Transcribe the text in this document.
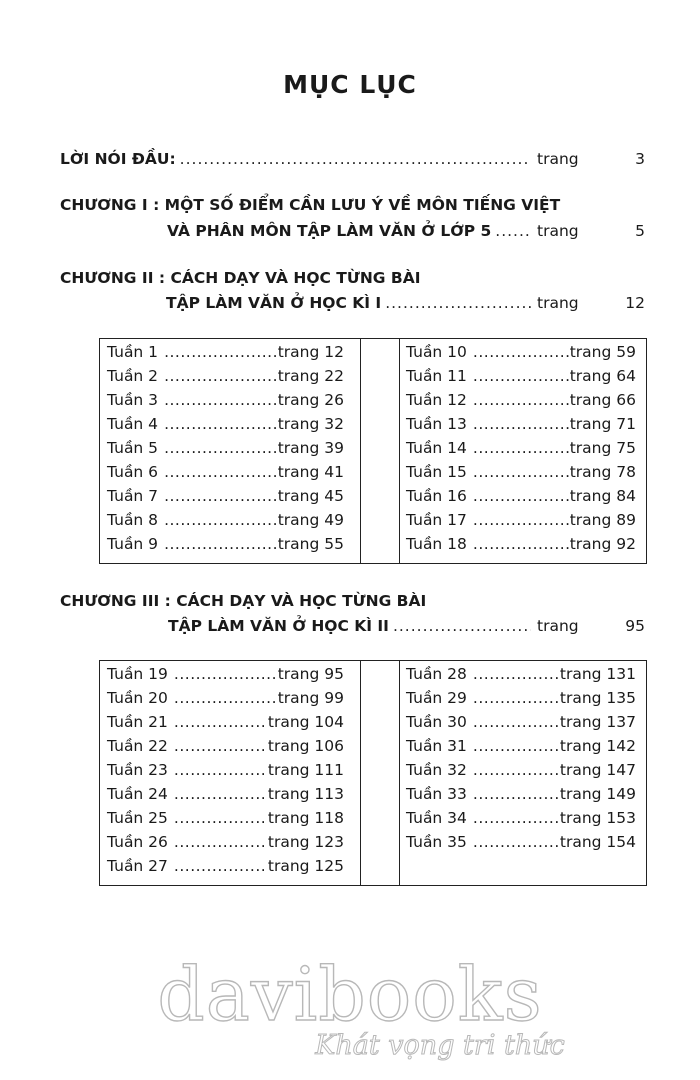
MỤC LỤC
LỜI NÓI ĐẦU: .....	trang	3
CHƯƠNG I : MỘT SỐ ĐIỂM CẦN LƯU Ý VỀ MÔN TIẾNG VIỆT
VÀ PHÂN MÔN TẬP LÀM VĂN Ở LỚP 5 .....	trang	5
CHƯƠNG II : CÁCH DẠY VÀ HỌC TỪNG BÀI
TẬP LÀM VĂN Ở HỌC KÌ I .....	trang	12
Tuần 1 .....	trang 12
Tuần 2 .....	trang 22
Tuần 3 .....	trang 26
Tuần 4 .....	trang 32
Tuần 5 .....	trang 39
Tuần 6 .....	trang 41
Tuần 7 .....	trang 45
Tuần 8 .....	trang 49
Tuần 9 .....	trang 55
Tuần 10 .....	trang 59
Tuần 11 .....	trang 64
Tuần 12 .....	trang 66
Tuần 13 .....	trang 71
Tuần 14 .....	trang 75
Tuần 15 .....	trang 78
Tuần 16 .....	trang 84
Tuần 17 .....	trang 89
Tuần 18 .....	trang 92
CHƯƠNG III : CÁCH DẠY VÀ HỌC TỪNG BÀI
TẬP LÀM VĂN Ở HỌC KÌ II .....	trang	95
Tuần 19 .....	trang 95
Tuần 20 .....	trang 99
Tuần 21 .....	trang 104
Tuần 22 .....	trang 106
Tuần 23 .....	trang 111
Tuần 24 .....	trang 113
Tuần 25 .....	trang 118
Tuần 26 .....	trang 123
Tuần 27 .....	trang 125
Tuần 28 .....	trang 131
Tuần 29 .....	trang 135
Tuần 30 .....	trang 137
Tuần 31 .....	trang 142
Tuần 32 .....	trang 147
Tuần 33 .....	trang 149
Tuần 34 .....	trang 153
Tuần 35 .....	trang 154
davibooks
Khát vọng tri thức
